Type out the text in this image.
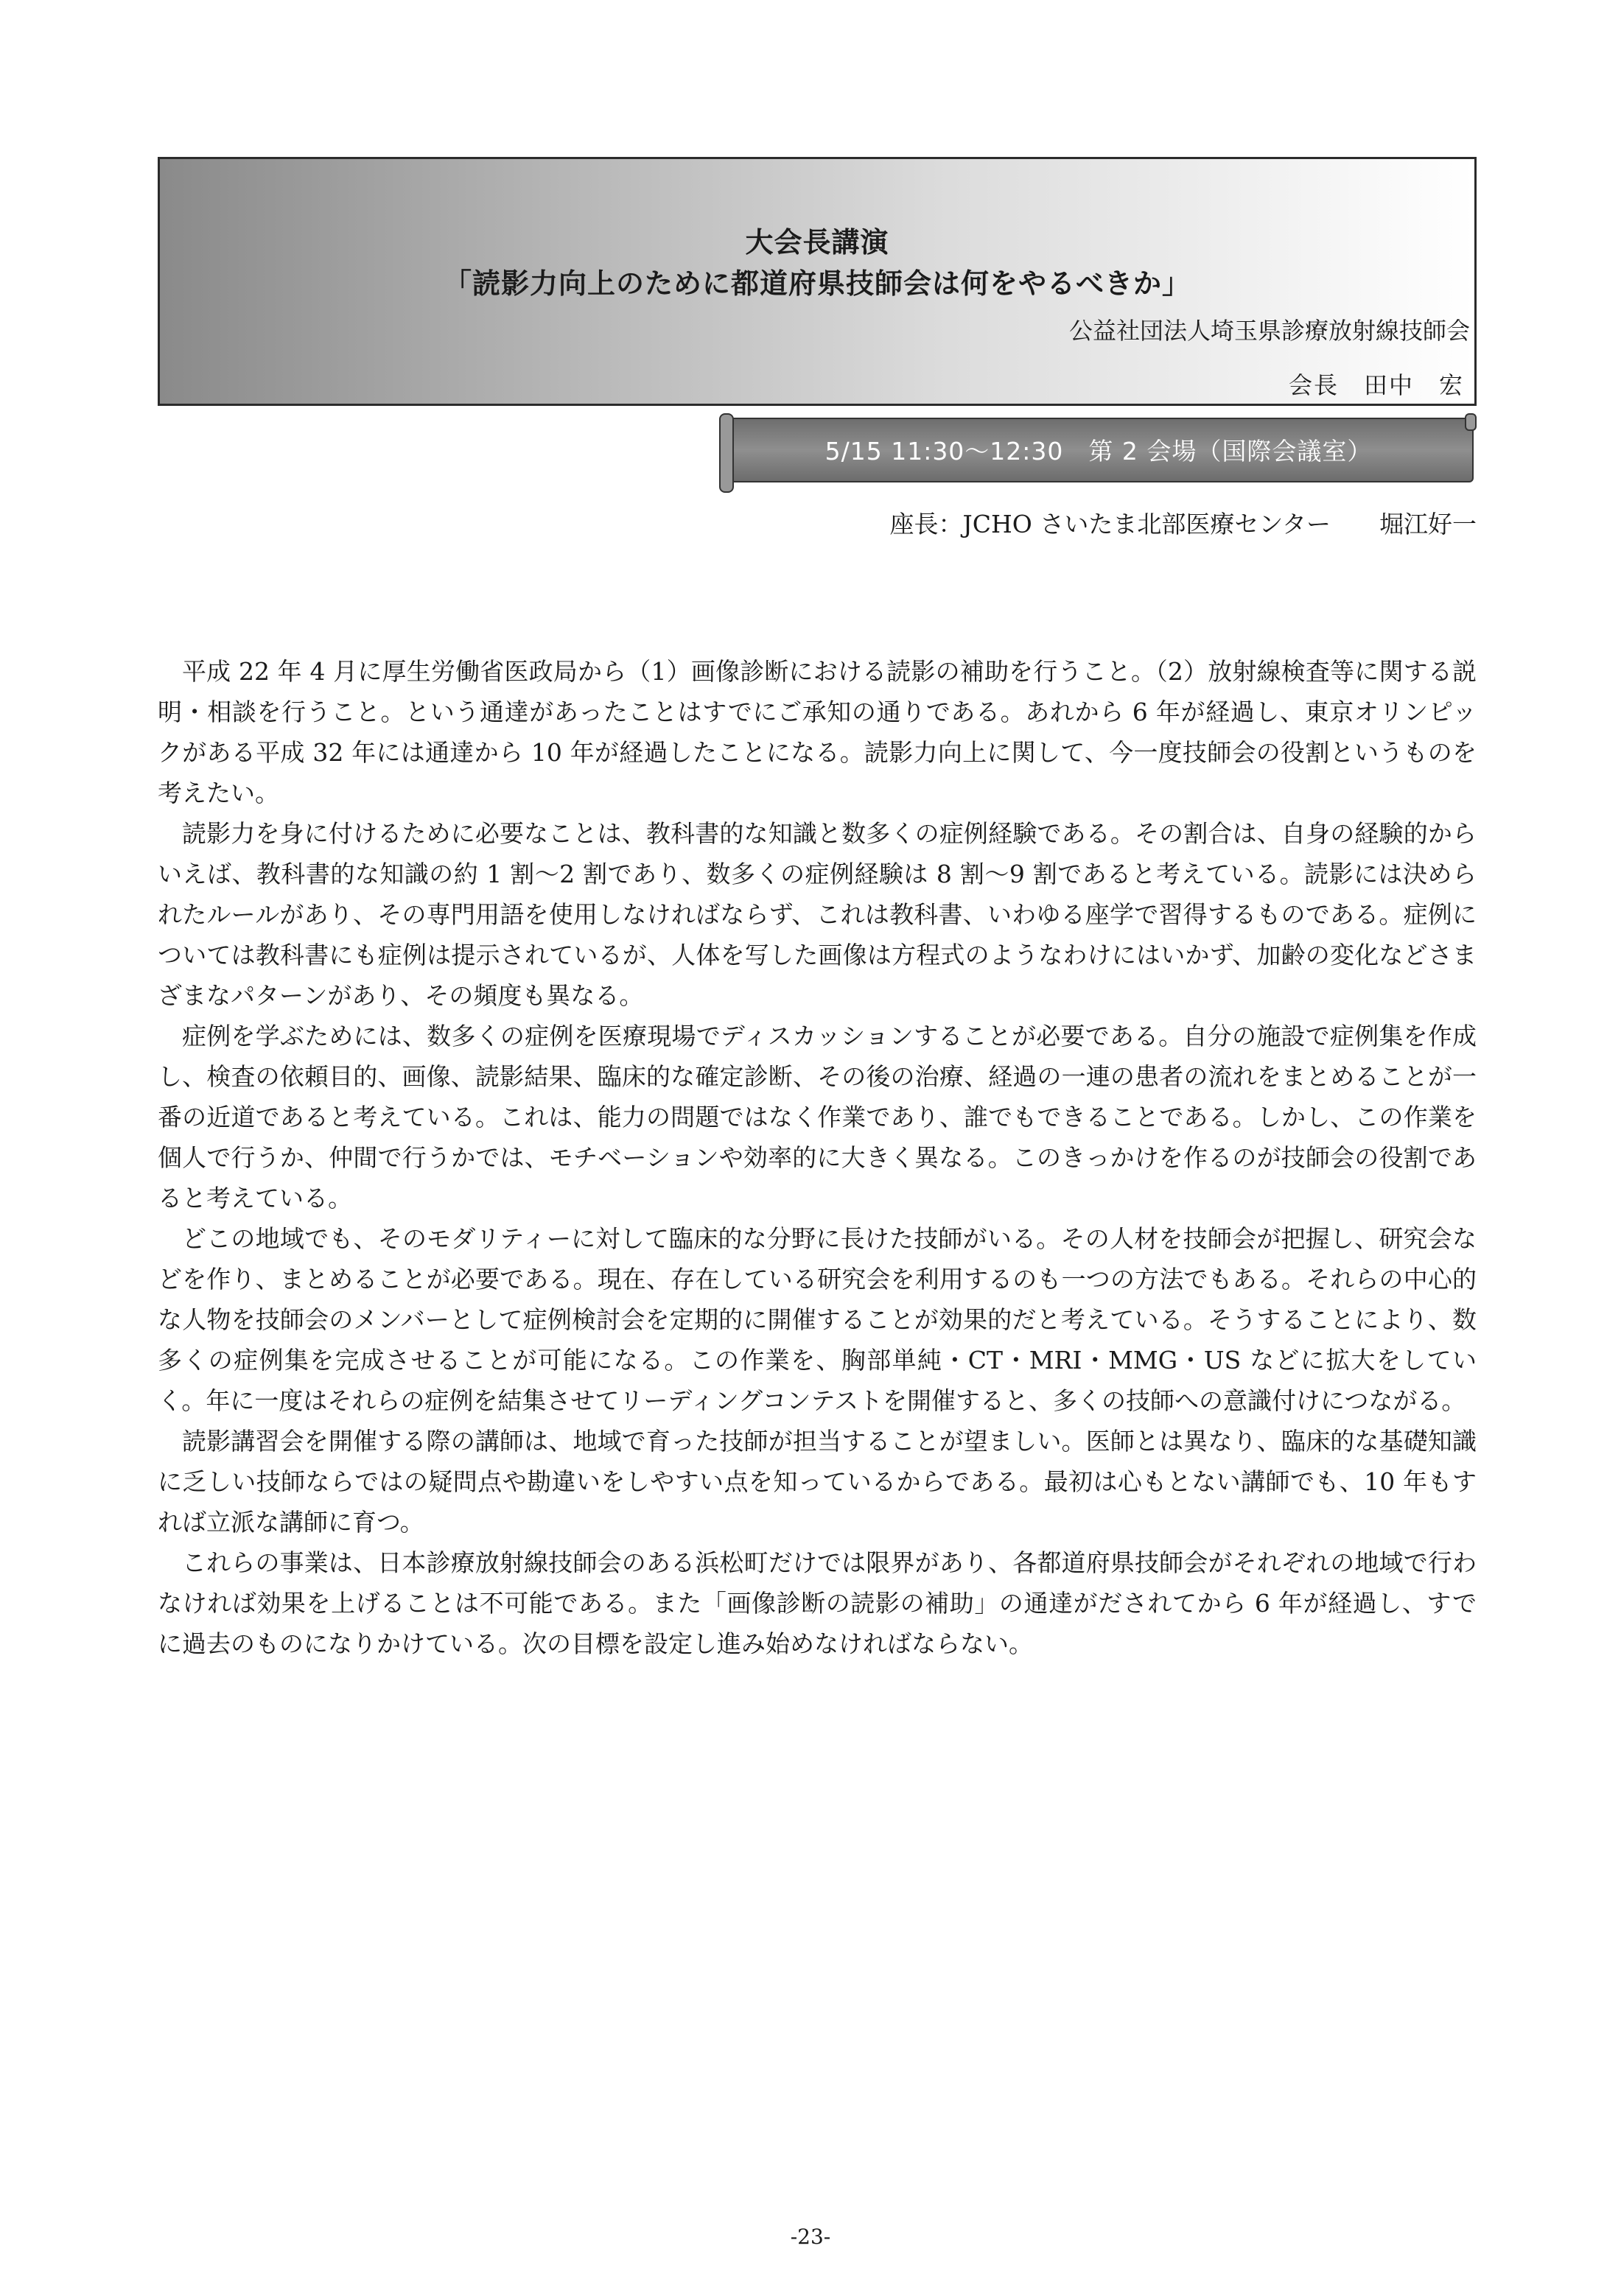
大会長講演
「読影力向上のために都道府県技師会は何をやるべきか」
公益社団法人埼玉県診療放射線技師会
会長　田中　宏
5/15 11:30〜12:30　第 2 会場（国際会議室）
座長：JCHO さいたま北部医療センター　　堀江好一

平成 22 年 4 月に厚生労働省医政局から（1）画像診断における読影の補助を行うこと。（2）放射線検査等に関する説明・相談を行うこと。という通達があったことはすでにご承知の通りである。あれから 6 年が経過し、東京オリンピックがある平成 32 年には通達から 10 年が経過したことになる。読影力向上に関して、今一度技師会の役割というものを考えたい。

読影力を身に付けるために必要なことは、教科書的な知識と数多くの症例経験である。その割合は、自身の経験的からいえば、教科書的な知識の約 1 割〜2 割であり、数多くの症例経験は 8 割〜9 割であると考えている。読影には決められたルールがあり、その専門用語を使用しなければならず、これは教科書、いわゆる座学で習得するものである。症例については教科書にも症例は提示されているが、人体を写した画像は方程式のようなわけにはいかず、加齢の変化などさまざまなパターンがあり、その頻度も異なる。

症例を学ぶためには、数多くの症例を医療現場でディスカッションすることが必要である。自分の施設で症例集を作成し、検査の依頼目的、画像、読影結果、臨床的な確定診断、その後の治療、経過の一連の患者の流れをまとめることが一番の近道であると考えている。これは、能力の問題ではなく作業であり、誰でもできることである。しかし、この作業を個人で行うか、仲間で行うかでは、モチベーションや効率的に大きく異なる。このきっかけを作るのが技師会の役割であると考えている。

どこの地域でも、そのモダリティーに対して臨床的な分野に長けた技師がいる。その人材を技師会が把握し、研究会などを作り、まとめることが必要である。現在、存在している研究会を利用するのも一つの方法でもある。それらの中心的な人物を技師会のメンバーとして症例検討会を定期的に開催することが効果的だと考えている。そうすることにより、数多くの症例集を完成させることが可能になる。この作業を、胸部単純・CT・MRI・MMG・US などに拡大をしていく。年に一度はそれらの症例を結集させてリーディングコンテストを開催すると、多くの技師への意識付けにつながる。

読影講習会を開催する際の講師は、地域で育った技師が担当することが望ましい。医師とは異なり、臨床的な基礎知識に乏しい技師ならではの疑問点や勘違いをしやすい点を知っているからである。最初は心もとない講師でも、10 年もすれば立派な講師に育つ。

これらの事業は、日本診療放射線技師会のある浜松町だけでは限界があり、各都道府県技師会がそれぞれの地域で行わなければ効果を上げることは不可能である。また「画像診断の読影の補助」の通達がだされてから 6 年が経過し、すでに過去のものになりかけている。次の目標を設定し進み始めなければならない。

-23-
